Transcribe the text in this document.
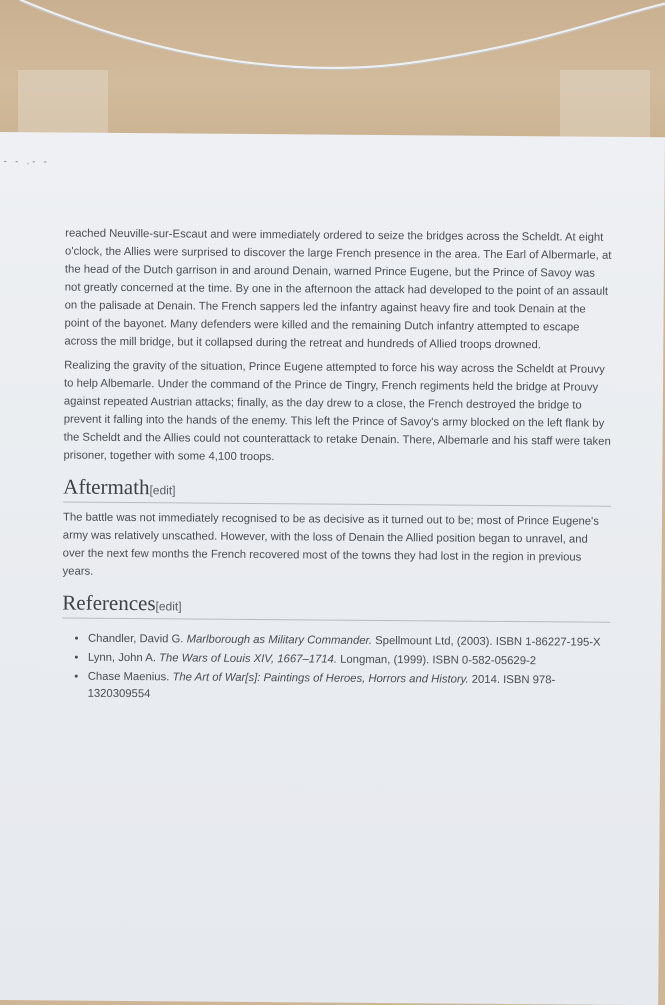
- - .- -

reached Neuville-sur-Escaut and were immediately ordered to seize the bridges across the Scheldt. At eight o'clock, the Allies were surprised to discover the large French presence in the area. The Earl of Albermarle, at the head of the Dutch garrison in and around Denain, warned Prince Eugene, but the Prince of Savoy was not greatly concerned at the time. By one in the afternoon the attack had developed to the point of an assault on the palisade at Denain. The French sappers led the infantry against heavy fire and took Denain at the point of the bayonet. Many defenders were killed and the remaining Dutch infantry attempted to escape across the mill bridge, but it collapsed during the retreat and hundreds of Allied troops drowned.

Realizing the gravity of the situation, Prince Eugene attempted to force his way across the Scheldt at Prouvy to help Albemarle. Under the command of the Prince de Tingry, French regiments held the bridge at Prouvy against repeated Austrian attacks; finally, as the day drew to a close, the French destroyed the bridge to prevent it falling into the hands of the enemy. This left the Prince of Savoy's army blocked on the left flank by the Scheldt and the Allies could not counterattack to retake Denain. There, Albemarle and his staff were taken prisoner, together with some 4,100 troops.

Aftermath[edit]

The battle was not immediately recognised to be as decisive as it turned out to be; most of Prince Eugene's army was relatively unscathed. However, with the loss of Denain the Allied position began to unravel, and over the next few months the French recovered most of the towns they had lost in the region in previous years.

References[edit]
• Chandler, David G. Marlborough as Military Commander. Spellmount Ltd, (2003). ISBN 1-86227-195-X
• Lynn, John A. The Wars of Louis XIV, 1667–1714. Longman, (1999). ISBN 0-582-05629-2
• Chase Maenius. The Art of War[s]: Paintings of Heroes, Horrors and History. 2014. ISBN 978-1320309554
